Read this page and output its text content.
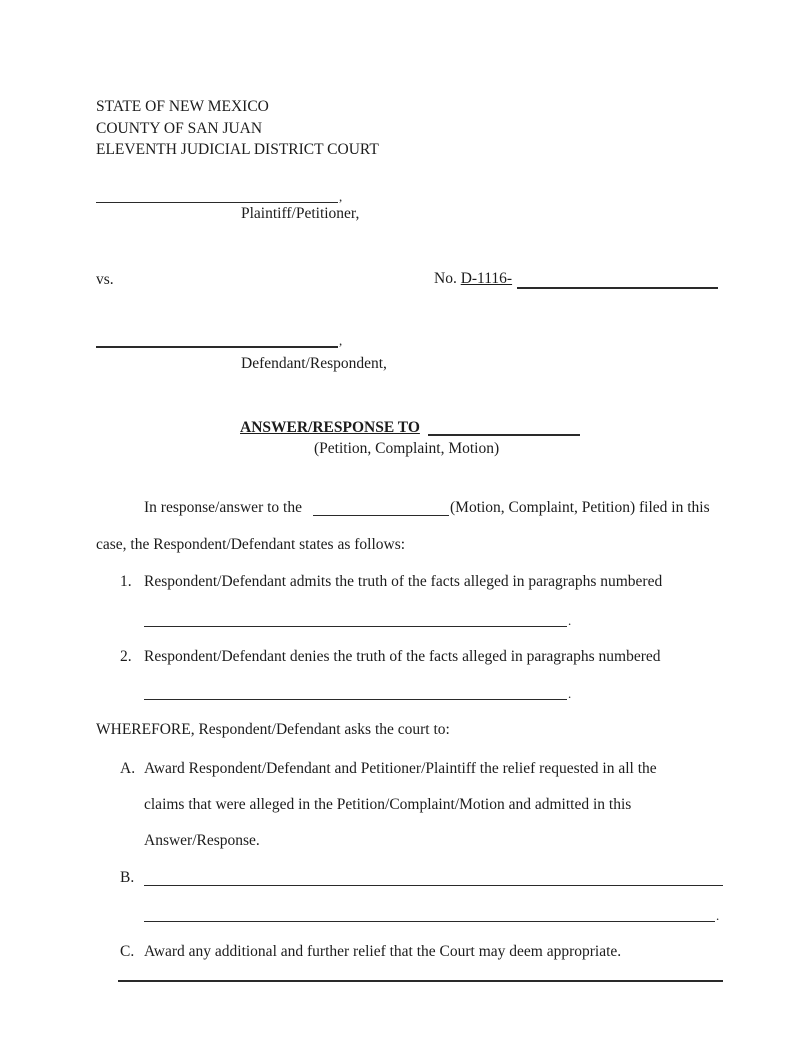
STATE OF NEW MEXICO
COUNTY OF SAN JUAN
ELEVENTH JUDICIAL DISTRICT COURT
,
Plaintiff/Petitioner,
vs.	No. D-1116-
,
Defendant/Respondent,
ANSWER/RESPONSE TO
(Petition, Complaint, Motion)
In response/answer to the	(Motion, Complaint, Petition) filed in this
case, the Respondent/Defendant states as follows:
1. Respondent/Defendant admits the truth of the facts alleged in paragraphs numbered
.
2. Respondent/Defendant denies the truth of the facts alleged in paragraphs numbered
.
WHEREFORE, Respondent/Defendant asks the court to:
A. Award Respondent/Defendant and Petitioner/Plaintiff the relief requested in all the
claims that were alleged in the Petition/Complaint/Motion and admitted in this
Answer/Response.
B.
.
C. Award any additional and further relief that the Court may deem appropriate.
